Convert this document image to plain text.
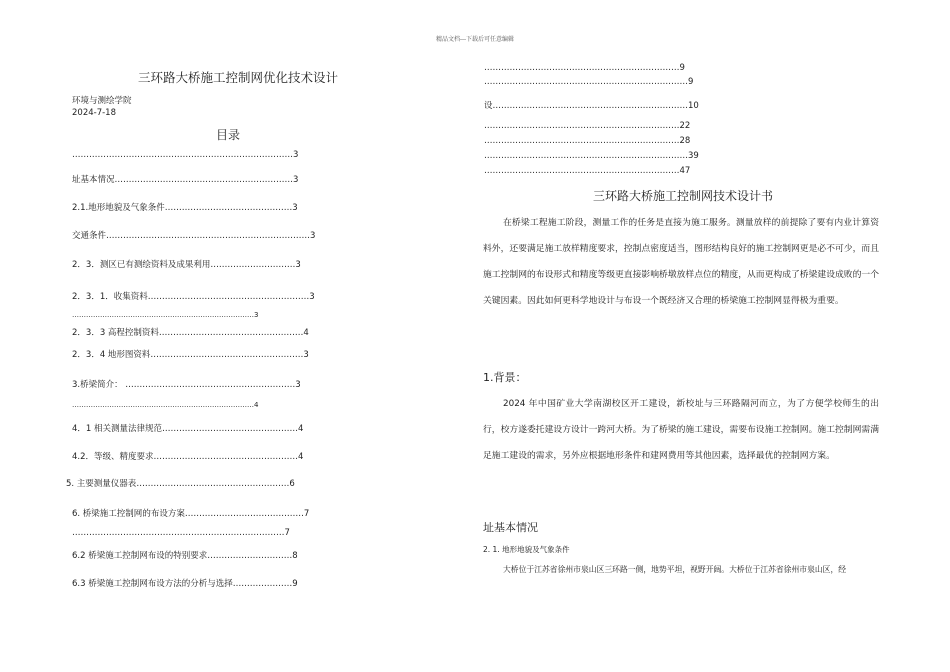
精品文档---下载后可任意编辑
三环路大桥施工控制网优化技术设计
环境与测绘学院
2024-7-18
目录
……………………………………………………………………3
址基本情况………………………………………………………3
2.1.地形地貌及气象条件………………………………………3
交通条件………………………………………………………………3
2．3．测区已有测绘资料及成果利用…………………………3
2．3．1．收集资料…………………………………………………3
……………………………………………………………………3
2．3．3 高程控制资料……………………………………………4
2．3．4 地形图资料………………………………………………3
3.桥梁简介： ……………………………………………………3
……………………………………………………………………4
4．1 相关测量法律规范…………………………………………4
4.2．等级、精度要求……………………………………………4
5. 主要测量仪器表………………………………………………6
6. 桥梁施工控制网的布设方案……………………………………7
…………………………………………………………………7
6.2 桥梁施工控制网布设的特别要求…………………………8
6.3 桥梁施工控制网布设方法的分析与选择…………………9
……………………………………………………………9
………………………………………………………………9
设……………………………………………………………10
……………………………………………………………22
……………………………………………………………28
………………………………………………………………39
……………………………………………………………47
三环路大桥施工控制网技术设计书
在桥梁工程施工阶段，测量工作的任务是直接为施工服务。测量放样的前提除了要有内业计算资料外，还要满足施工放样精度要求，控制点密度适当，图形结构良好的施工控制网更是必不可少，而且施工控制网的布设形式和精度等级更直接影响桥墩放样点位的精度，从而更构成了桥梁建设成败的一个关键因素。因此如何更科学地设计与布设一个既经济又合理的桥梁施工控制网显得极为重要。
1.背景：
2024 年中国矿业大学南湖校区开工建设，新校址与三环路隔河而立，为了方便学校师生的出行，校方遂委托建设方设计一跨河大桥。为了桥梁的施工建设，需要布设施工控制网。施工控制网需满足施工建设的需求，另外应根据地形条件和建网费用等其他因素，选择最优的控制网方案。
址基本情况
2. 1. 地形地貌及气象条件
大桥位于江苏省徐州市泉山区三环路一侧，地势平坦，视野开阔。大桥位于江苏省徐州市泉山区，经
